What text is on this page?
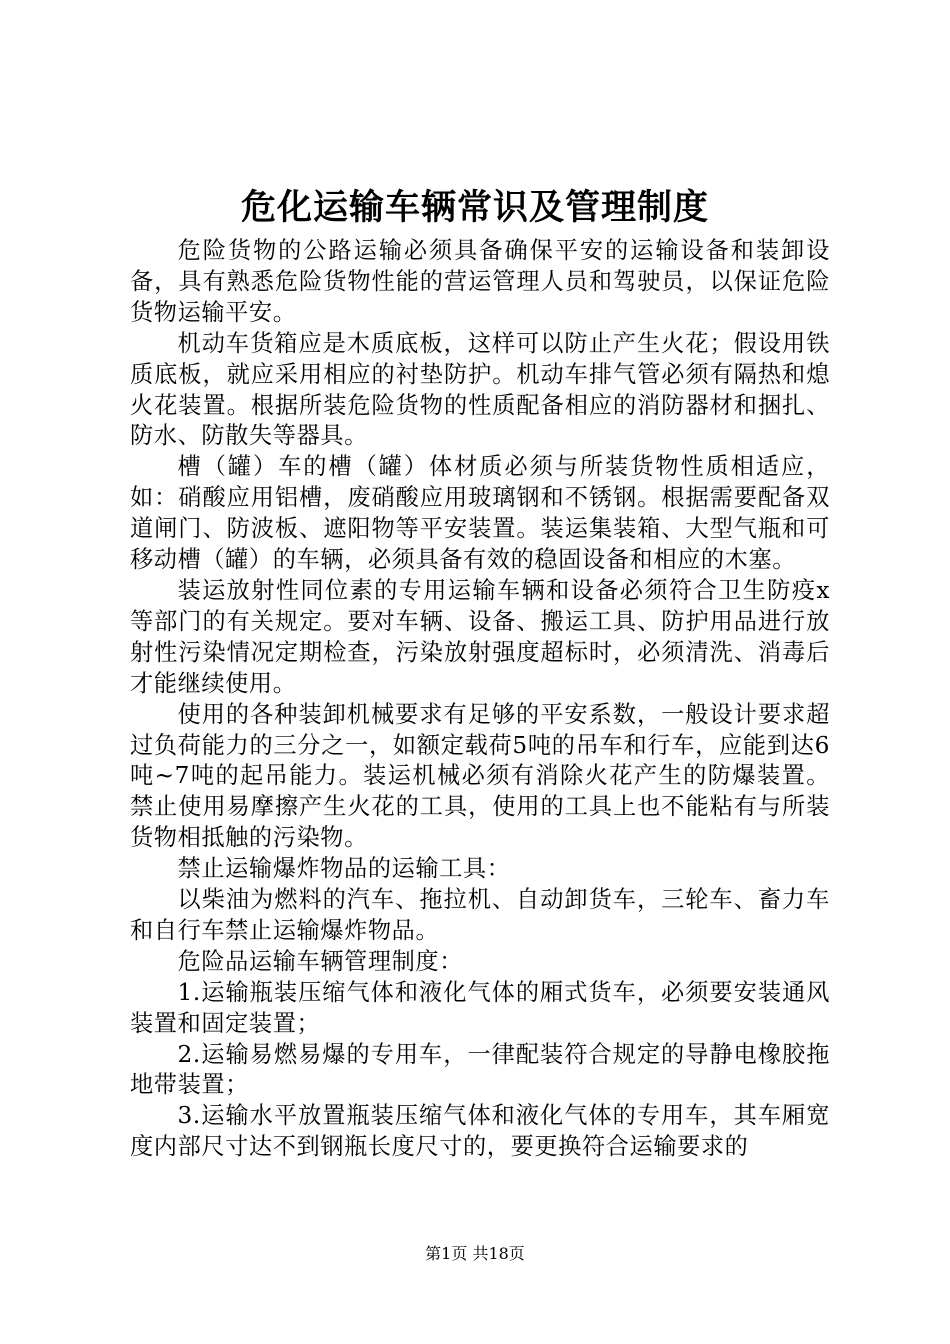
危化运输车辆常识及管理制度

危险货物的公路运输必须具备确保平安的运输设备和装卸设备，具有熟悉危险货物性能的营运管理人员和驾驶员，以保证危险货物运输平安。

机动车货箱应是木质底板，这样可以防止产生火花；假设用铁质底板，就应采用相应的衬垫防护。机动车排气管必须有隔热和熄火花装置。根据所装危险货物的性质配备相应的消防器材和捆扎、防水、防散失等器具。

槽（罐）车的槽（罐）体材质必须与所装货物性质相适应，如：硝酸应用铝槽，废硝酸应用玻璃钢和不锈钢。根据需要配备双道闸门、防波板、遮阳物等平安装置。装运集装箱、大型气瓶和可移动槽（罐）的车辆，必须具备有效的稳固设备和相应的木塞。

装运放射性同位素的专用运输车辆和设备必须符合卫生防疫x等部门的有关规定。要对车辆、设备、搬运工具、防护用品进行放射性污染情况定期检查，污染放射强度超标时，必须清洗、消毒后才能继续使用。

使用的各种装卸机械要求有足够的平安系数，一般设计要求超过负荷能力的三分之一，如额定载荷5吨的吊车和行车，应能到达6吨~7吨的起吊能力。装运机械必须有消除火花产生的防爆装置。禁止使用易摩擦产生火花的工具，使用的工具上也不能粘有与所装货物相抵触的污染物。

禁止运输爆炸物品的运输工具：

以柴油为燃料的汽车、拖拉机、自动卸货车，三轮车、畜力车和自行车禁止运输爆炸物品。

危险品运输车辆管理制度：

1.运输瓶装压缩气体和液化气体的厢式货车，必须要安装通风装置和固定装置；

2.运输易燃易爆的专用车，一律配装符合规定的导静电橡胶拖地带装置；

3.运输水平放置瓶装压缩气体和液化气体的专用车，其车厢宽度内部尺寸达不到钢瓶长度尺寸的，要更换符合运输要求的

第1页 共18页
